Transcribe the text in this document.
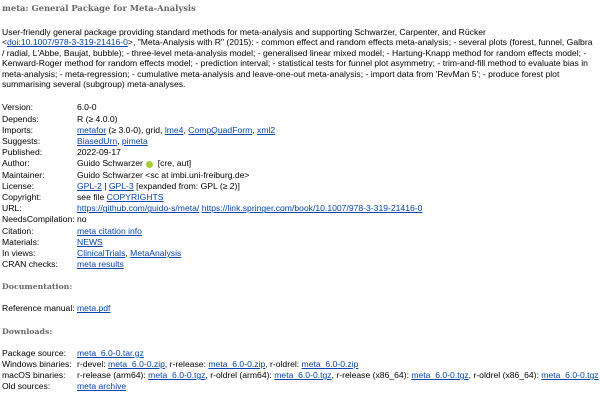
meta: General Package for Meta-Analysis
User-friendly general package providing standard methods for meta-analysis and supporting Schwarzer, Carpenter, and Rücker
<doi:10.1007/978-3-319-21416-0>, "Meta-Analysis with R" (2015): - common effect and random effects meta-analysis; - several plots (forest, funnel, Galbra
/ radial, L'Abbe, Baujat, bubble); - three-level meta-analysis model; - generalised linear mixed model; - Hartung-Knapp method for random effects model; -
Kenward-Roger method for random effects model; - prediction interval; - statistical tests for funnel plot asymmetry; - trim-and-fill method to evaluate bias in
meta-analysis; - meta-regression; - cumulative meta-analysis and leave-one-out meta-analysis; - import data from 'RevMan 5'; - produce forest plot
summarising several (subgroup) meta-analyses.
Version:	6.0-0
Depends:	R (≥ 4.0.0)
Imports:	metafor (≥ 3.0-0), grid, lme4, CompQuadForm, xml2
Suggests:	BiasedUrn, pimeta
Published:	2022-09-17
Author:	Guido Schwarzer [cre, aut]
Maintainer:	Guido Schwarzer <sc at imbi.uni-freiburg.de>
License:	GPL-2 | GPL-3 [expanded from: GPL (≥ 2)]
Copyright:	see file COPYRIGHTS
URL:	https://github.com/guido-s/meta/ https://link.springer.com/book/10.1007/978-3-319-21416-0
NeedsCompilation:	no
Citation:	meta citation info
Materials:	NEWS
In views:	ClinicalTrials, MetaAnalysis
CRAN checks:	meta results
Documentation:
Reference manual:	meta.pdf
Downloads:
Package source:	meta_6.0-0.tar.gz
Windows binaries:	r-devel: meta_6.0-0.zip, r-release: meta_6.0-0.zip, r-oldrel: meta_6.0-0.zip
macOS binaries:	r-release (arm64): meta_6.0-0.tgz, r-oldrel (arm64): meta_6.0-0.tgz, r-release (x86_64): meta_6.0-0.tgz, r-oldrel (x86_64): meta_6.0-0.tgz
Old sources:	meta archive
